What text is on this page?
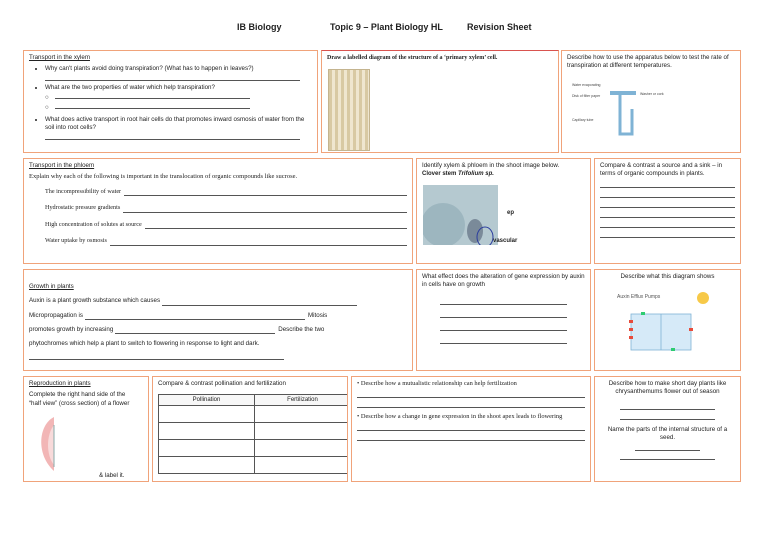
IB Biology	Topic 9 – Plant Biology HL	Revision Sheet
Transport in the xylem
• Why can't plants avoid doing transpiration? (What has to happen in leaves?)
• What are the two properties of water which help transpiration?
○
○
• What does active transport in root hair cells do that promotes inward osmosis of water from the soil into root cells?
Draw a labelled diagram of the structure of a ‘primary xylem’ cell.	Describe how to use the apparatus below to test the rate of transpiration at different temperatures.
Water evaporating
Disk of filter paper	Washer or cork
Capillary tube
Transport in the phloem
Explain why each of the following is important in the translocation of organic compounds like sucrose.
The incompressibility of water
Hydrostatic pressure gradients
High concentration of solutes at source
Water uptake by osmosis
Identify xylem & phloem in the shoot image below.
Clover stem Trifolium sp.
ep
vascular
Compare & contrast a source and a sink – in terms of organic compounds in plants.
Growth in plants
Auxin is a plant growth substance which causes
Micropropagation is	Mitosis
promotes growth by increasing	Describe the two
phytochromes which help a plant to switch to flowering in response to light and dark.
What effect does the alteration of gene expression by auxin in cells have on growth
Describe what this diagram shows
Auxin Efflux Pumps
Reproduction in plants
Complete the right hand side of the “half view” (cross section) of a flower
& label it.
Compare & contrast pollination and fertilization
Pollination	Fertilization

• Describe how a mutualistic relationship can help fertilization
• Describe how a change in gene expression in the shoot apex leads to flowering
Describe how to make short day plants like chrysanthemums flower out of season
Name the parts of the internal structure of a seed.
